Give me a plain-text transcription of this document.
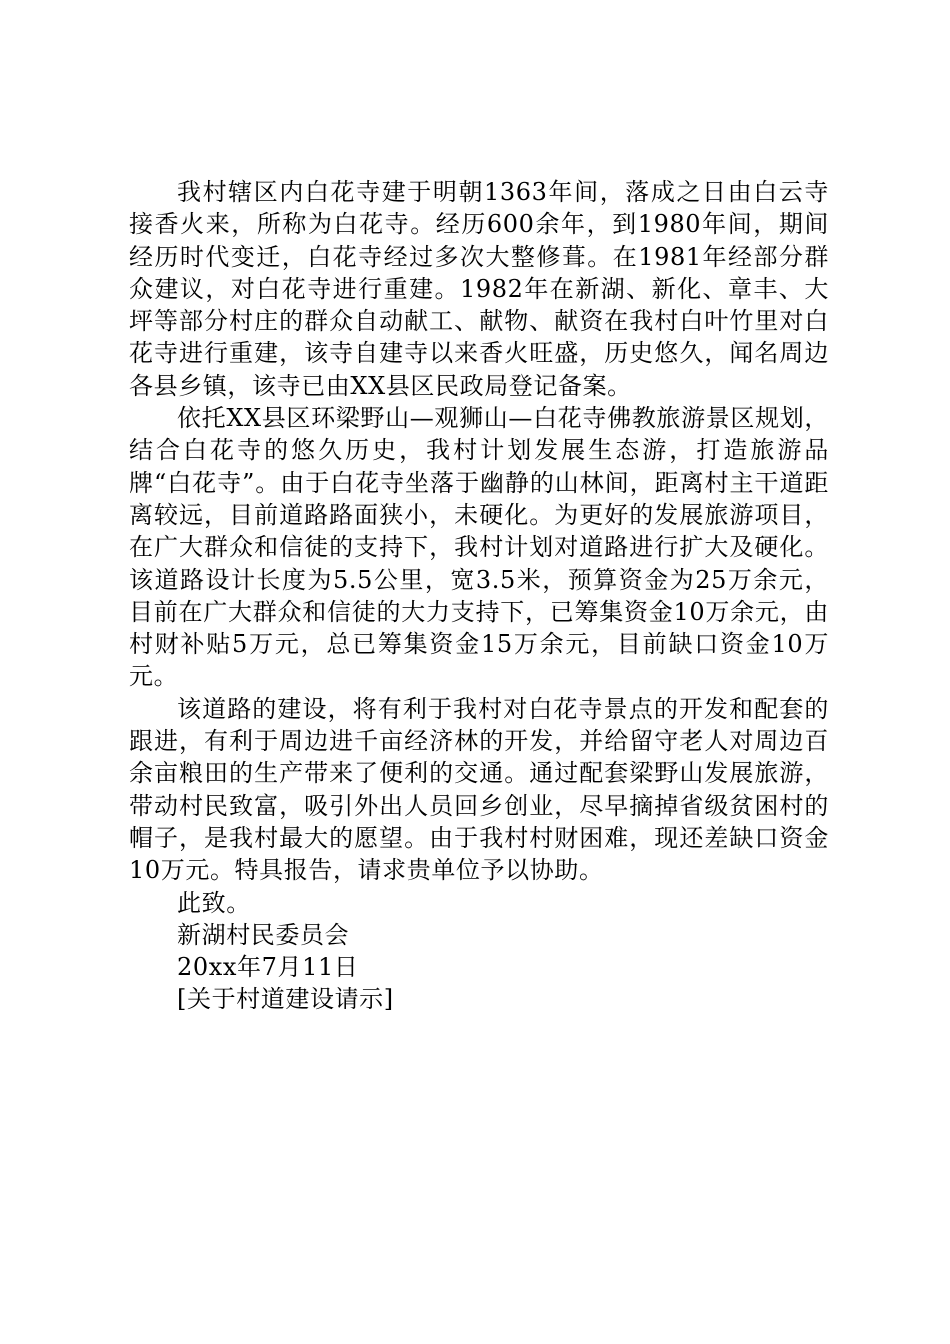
我村辖区内白花寺建于明朝1363年间，落成之日由白云寺接香火来，所称为白花寺。经历600余年，到1980年间，期间经历时代变迁，白花寺经过多次大整修葺。在1981年经部分群众建议，对白花寺进行重建。1982年在新湖、新化、章丰、大坪等部分村庄的群众自动献工、献物、献资在我村白叶竹里对白花寺进行重建，该寺自建寺以来香火旺盛，历史悠久，闻名周边各县乡镇，该寺已由XX县区民政局登记备案。

依托XX县区环梁野山—观狮山—白花寺佛教旅游景区规划，结合白花寺的悠久历史，我村计划发展生态游，打造旅游品牌“白花寺”。由于白花寺坐落于幽静的山林间，距离村主干道距离较远，目前道路路面狭小，未硬化。为更好的发展旅游项目，在广大群众和信徒的支持下，我村计划对道路进行扩大及硬化。该道路设计长度为5.5公里，宽3.5米，预算资金为25万余元，目前在广大群众和信徒的大力支持下，已筹集资金10万余元，由村财补贴5万元，总已筹集资金15万余元，目前缺口资金10万元。

该道路的建设，将有利于我村对白花寺景点的开发和配套的跟进，有利于周边进千亩经济林的开发，并给留守老人对周边百余亩粮田的生产带来了便利的交通。通过配套梁野山发展旅游，带动村民致富，吸引外出人员回乡创业，尽早摘掉省级贫困村的帽子，是我村最大的愿望。由于我村村财困难，现还差缺口资金10万元。特具报告，请求贵单位予以协助。

此致。

新湖村民委员会

20xx年7月11日

[关于村道建设请示]
